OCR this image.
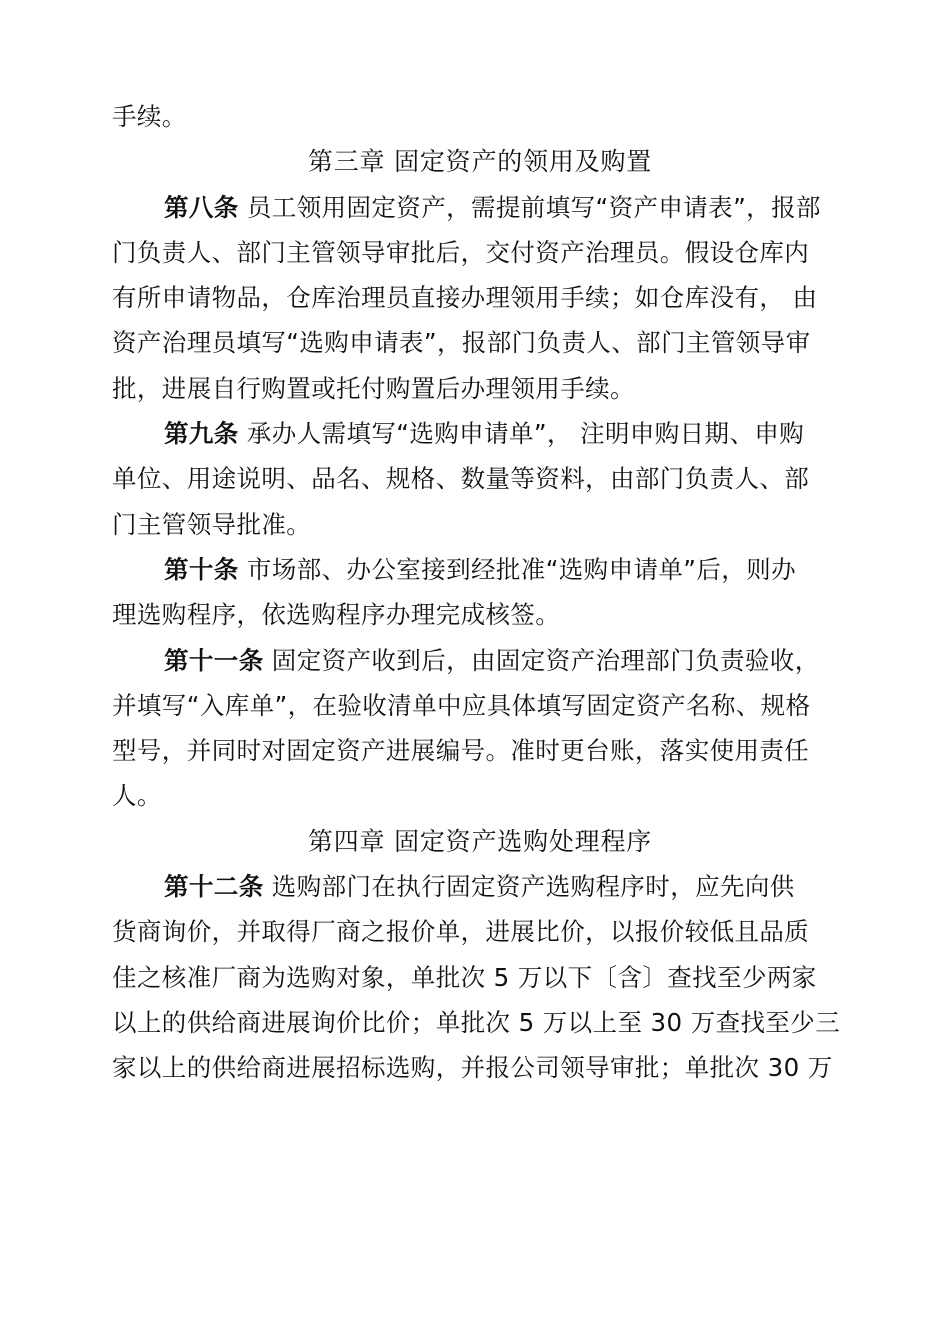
手续。
第三章 固定资产的领用及购置
第八条 员工领用固定资产，需提前填写“资产申请表”，报部
门负责人、部门主管领导审批后，交付资产治理员。假设仓库内
有所申请物品，仓库治理员直接办理领用手续；如仓库没有， 由
资产治理员填写“选购申请表”，报部门负责人、部门主管领导审
批，进展自行购置或托付购置后办理领用手续。
第九条 承办人需填写“选购申请单”， 注明申购日期、申购
单位、用途说明、品名、规格、数量等资料，由部门负责人、部
门主管领导批准。
第十条 市场部、办公室接到经批准“选购申请单”后，则办
理选购程序，依选购程序办理完成核签。
第十一条 固定资产收到后，由固定资产治理部门负责验收，
并填写“入库单”，在验收清单中应具体填写固定资产名称、规格
型号，并同时对固定资产进展编号。准时更台账，落实使用责任
人。
第四章 固定资产选购处理程序
第十二条 选购部门在执行固定资产选购程序时，应先向供
货商询价，并取得厂商之报价单，进展比价，以报价较低且品质
佳之核准厂商为选购对象，单批次 5 万以下〔含〕查找至少两家
以上的供给商进展询价比价；单批次 5 万以上至 30 万查找至少三
家以上的供给商进展招标选购，并报公司领导审批；单批次 30 万
